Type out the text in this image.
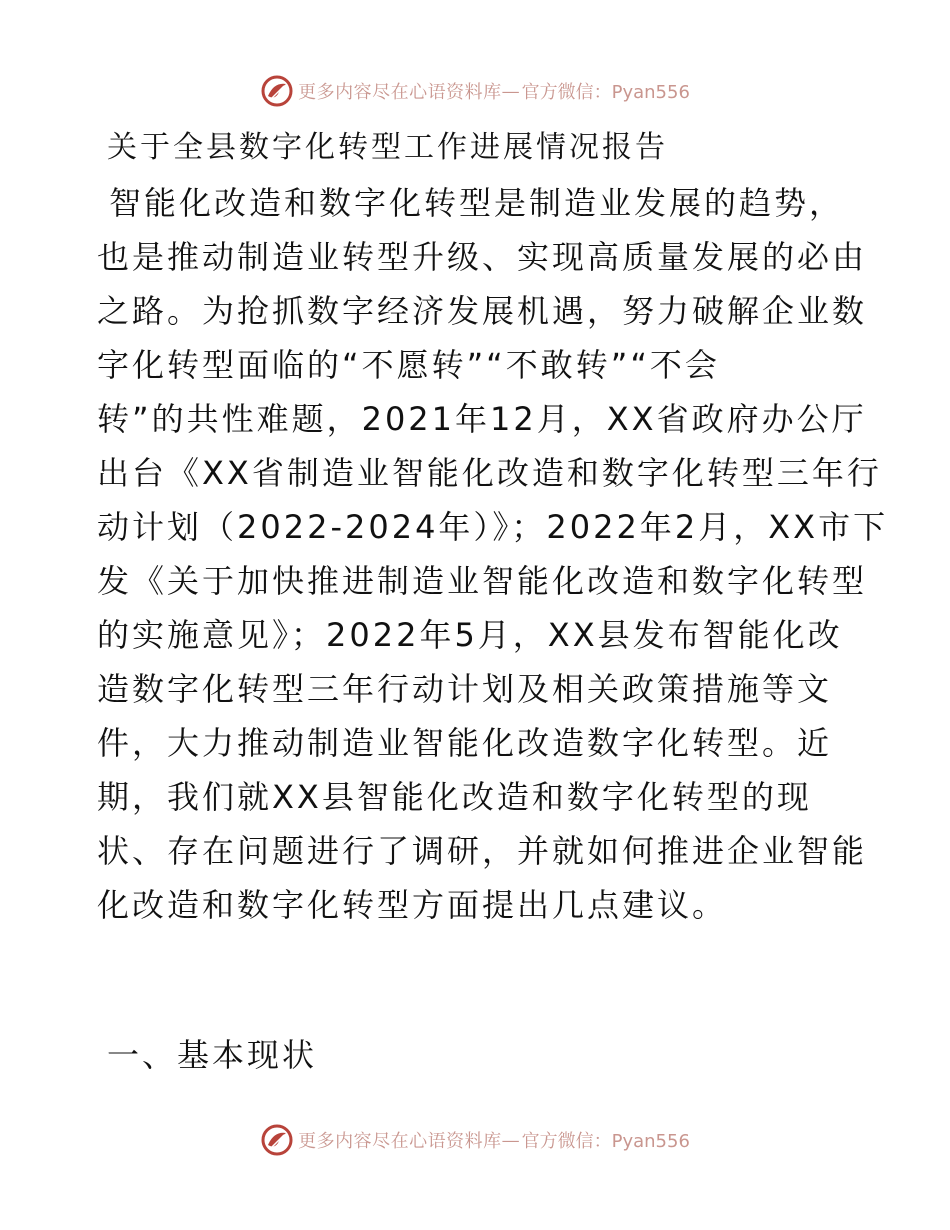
更多内容尽在心语资料库 — 官方微信：Pyan556
关于全县数字化转型工作进展情况报告
智能化改造和数字化转型是制造业发展的趋势，
也是推动制造业转型升级、实现高质量发展的必由
之路。为抢抓数字经济发展机遇，努力破解企业数
字化转型面临的“不愿转”“不敢转”“不会
转”的共性难题，2021年12月，XX省政府办公厅
出台《XX省制造业智能化改造和数字化转型三年行
动计划（2022-2024年）》；2022年2月，XX市下
发《关于加快推进制造业智能化改造和数字化转型
的实施意见》；2022年5月，XX县发布智能化改
造数字化转型三年行动计划及相关政策措施等文
件，大力推动制造业智能化改造数字化转型。近
期，我们就XX县智能化改造和数字化转型的现
状、存在问题进行了调研，并就如何推进企业智能
化改造和数字化转型方面提出几点建议。
一、基本现状
更多内容尽在心语资料库 — 官方微信：Pyan556
